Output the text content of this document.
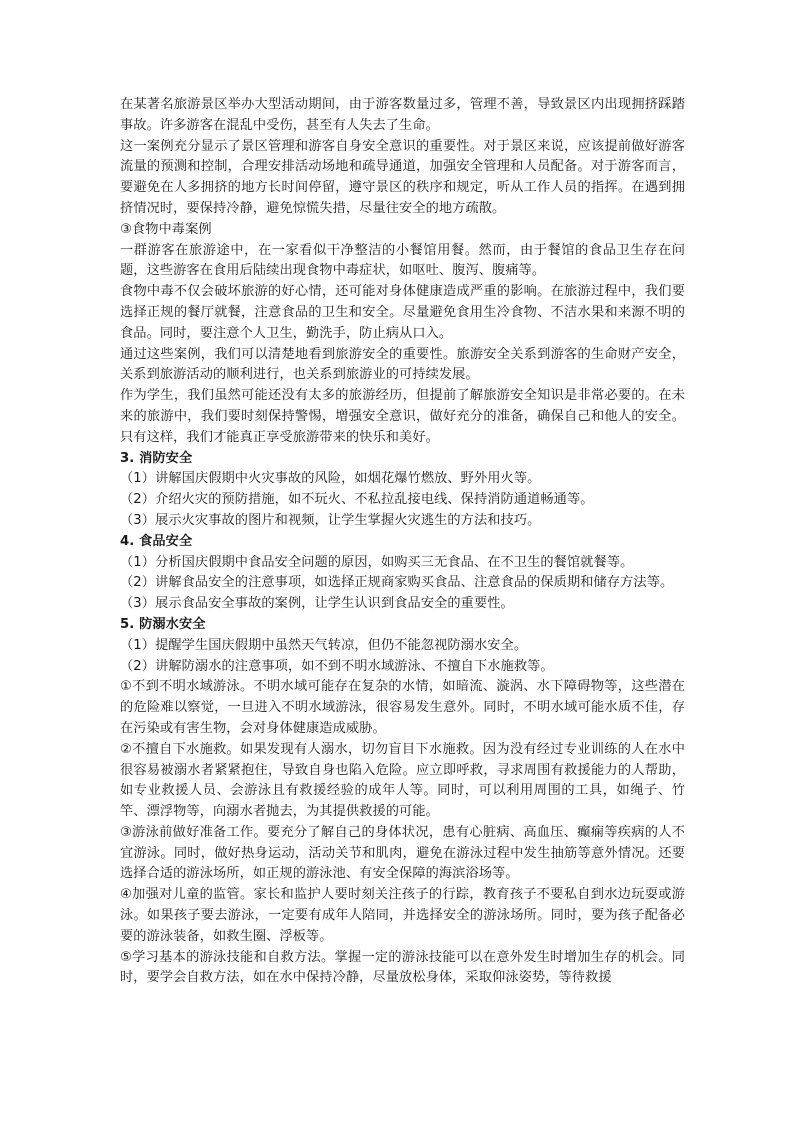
在某著名旅游景区举办大型活动期间，由于游客数量过多，管理不善，导致景区内出现拥挤踩踏事故。许多游客在混乱中受伤，甚至有人失去了生命。

这一案例充分显示了景区管理和游客自身安全意识的重要性。对于景区来说，应该提前做好游客流量的预测和控制，合理安排活动场地和疏导通道，加强安全管理和人员配备。对于游客而言，要避免在人多拥挤的地方长时间停留，遵守景区的秩序和规定，听从工作人员的指挥。在遇到拥挤情况时，要保持冷静，避免惊慌失措，尽量往安全的地方疏散。

③食物中毒案例

一群游客在旅游途中，在一家看似干净整洁的小餐馆用餐。然而，由于餐馆的食品卫生存在问题，这些游客在食用后陆续出现食物中毒症状，如呕吐、腹泻、腹痛等。

食物中毒不仅会破坏旅游的好心情，还可能对身体健康造成严重的影响。在旅游过程中，我们要选择正规的餐厅就餐，注意食品的卫生和安全。尽量避免食用生冷食物、不洁水果和来源不明的食品。同时，要注意个人卫生，勤洗手，防止病从口入。

通过这些案例，我们可以清楚地看到旅游安全的重要性。旅游安全关系到游客的生命财产安全，关系到旅游活动的顺利进行，也关系到旅游业的可持续发展。

作为学生，我们虽然可能还没有太多的旅游经历，但提前了解旅游安全知识是非常必要的。在未来的旅游中，我们要时刻保持警惕，增强安全意识，做好充分的准备，确保自己和他人的安全。只有这样，我们才能真正享受旅游带来的快乐和美好。

3. 消防安全

（1）讲解国庆假期中火灾事故的风险，如烟花爆竹燃放、野外用火等。

（2）介绍火灾的预防措施，如不玩火、不私拉乱接电线、保持消防通道畅通等。

（3）展示火灾事故的图片和视频，让学生掌握火灾逃生的方法和技巧。

4. 食品安全

（1）分析国庆假期中食品安全问题的原因，如购买三无食品、在不卫生的餐馆就餐等。

（2）讲解食品安全的注意事项，如选择正规商家购买食品、注意食品的保质期和储存方法等。

（3）展示食品安全事故的案例，让学生认识到食品安全的重要性。

5. 防溺水安全

（1）提醒学生国庆假期中虽然天气转凉，但仍不能忽视防溺水安全。

（2）讲解防溺水的注意事项，如不到不明水域游泳、不擅自下水施救等。

①不到不明水域游泳。不明水域可能存在复杂的水情，如暗流、漩涡、水下障碍物等，这些潜在的危险难以察觉，一旦进入不明水域游泳，很容易发生意外。同时，不明水域可能水质不佳，存在污染或有害生物，会对身体健康造成威胁。

②不擅自下水施救。如果发现有人溺水，切勿盲目下水施救。因为没有经过专业训练的人在水中很容易被溺水者紧紧抱住，导致自身也陷入危险。应立即呼救，寻求周围有救援能力的人帮助，如专业救援人员、会游泳且有救援经验的成年人等。同时，可以利用周围的工具，如绳子、竹竿、漂浮物等，向溺水者抛去，为其提供救援的可能。

③游泳前做好准备工作。要充分了解自己的身体状况，患有心脏病、高血压、癫痫等疾病的人不宜游泳。同时，做好热身运动，活动关节和肌肉，避免在游泳过程中发生抽筋等意外情况。还要选择合适的游泳场所，如正规的游泳池、有安全保障的海滨浴场等。

④加强对儿童的监管。家长和监护人要时刻关注孩子的行踪，教育孩子不要私自到水边玩耍或游泳。如果孩子要去游泳，一定要有成年人陪同，并选择安全的游泳场所。同时，要为孩子配备必要的游泳装备，如救生圈、浮板等。

⑤学习基本的游泳技能和自救方法。掌握一定的游泳技能可以在意外发生时增加生存的机会。同时，要学会自救方法，如在水中保持冷静，尽量放松身体，采取仰泳姿势，等待救援
